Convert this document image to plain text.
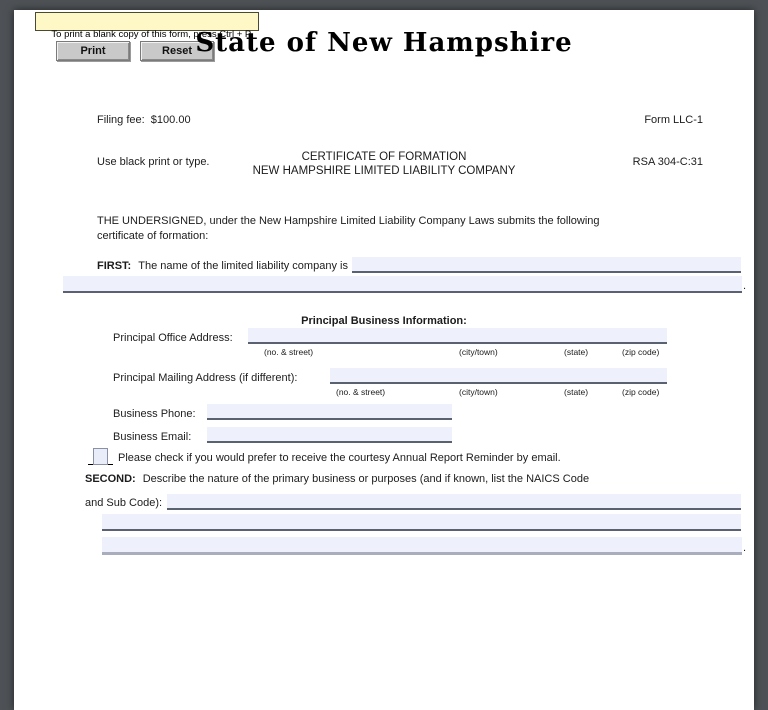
To print a blank copy of this form, press Ctrl + P.

Print	Reset State of New Hampshire

Filing fee:  $100.00

Use black print or type.

Form LLC-1

RSA 304-C:31

CERTIFICATE OF FORMATION
NEW HAMPSHIRE LIMITED LIABILITY COMPANY
THE UNDERSIGNED, under the New Hampshire Limited Liability Company Laws submits the following
certificate of formation:
FIRST: The name of the limited liability company is
.
Principal Business Information:
Principal Office Address:
(no. & street)	(city/town)	(state)	(zip code)
Principal Mailing Address (if different):
(no. & street)	(city/town)	(state)	(zip code)
Business Phone:
Business Email:
Please check if you would prefer to receive the courtesy Annual Report Reminder by email.
SECOND: Describe the nature of the primary business or purposes (and if known, list the NAICS Code
and Sub Code):
.
